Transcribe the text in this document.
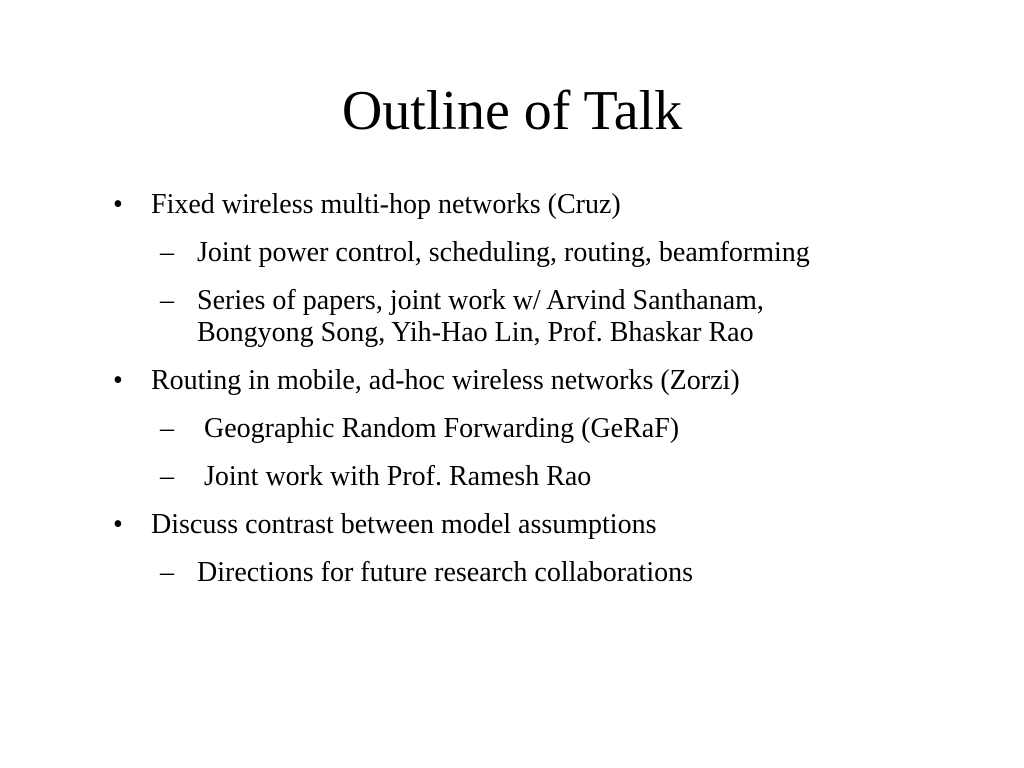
Outline of Talk
• Fixed wireless multi-hop networks (Cruz)
– Joint power control, scheduling, routing, beamforming
– Series of papers, joint work w/ Arvind Santhanam,
Bongyong Song, Yih-Hao Lin, Prof. Bhaskar Rao
• Routing in mobile, ad-hoc wireless networks (Zorzi)
– Geographic Random Forwarding (GeRaF)
– Joint work with Prof. Ramesh Rao
• Discuss contrast between model assumptions
– Directions for future research collaborations
